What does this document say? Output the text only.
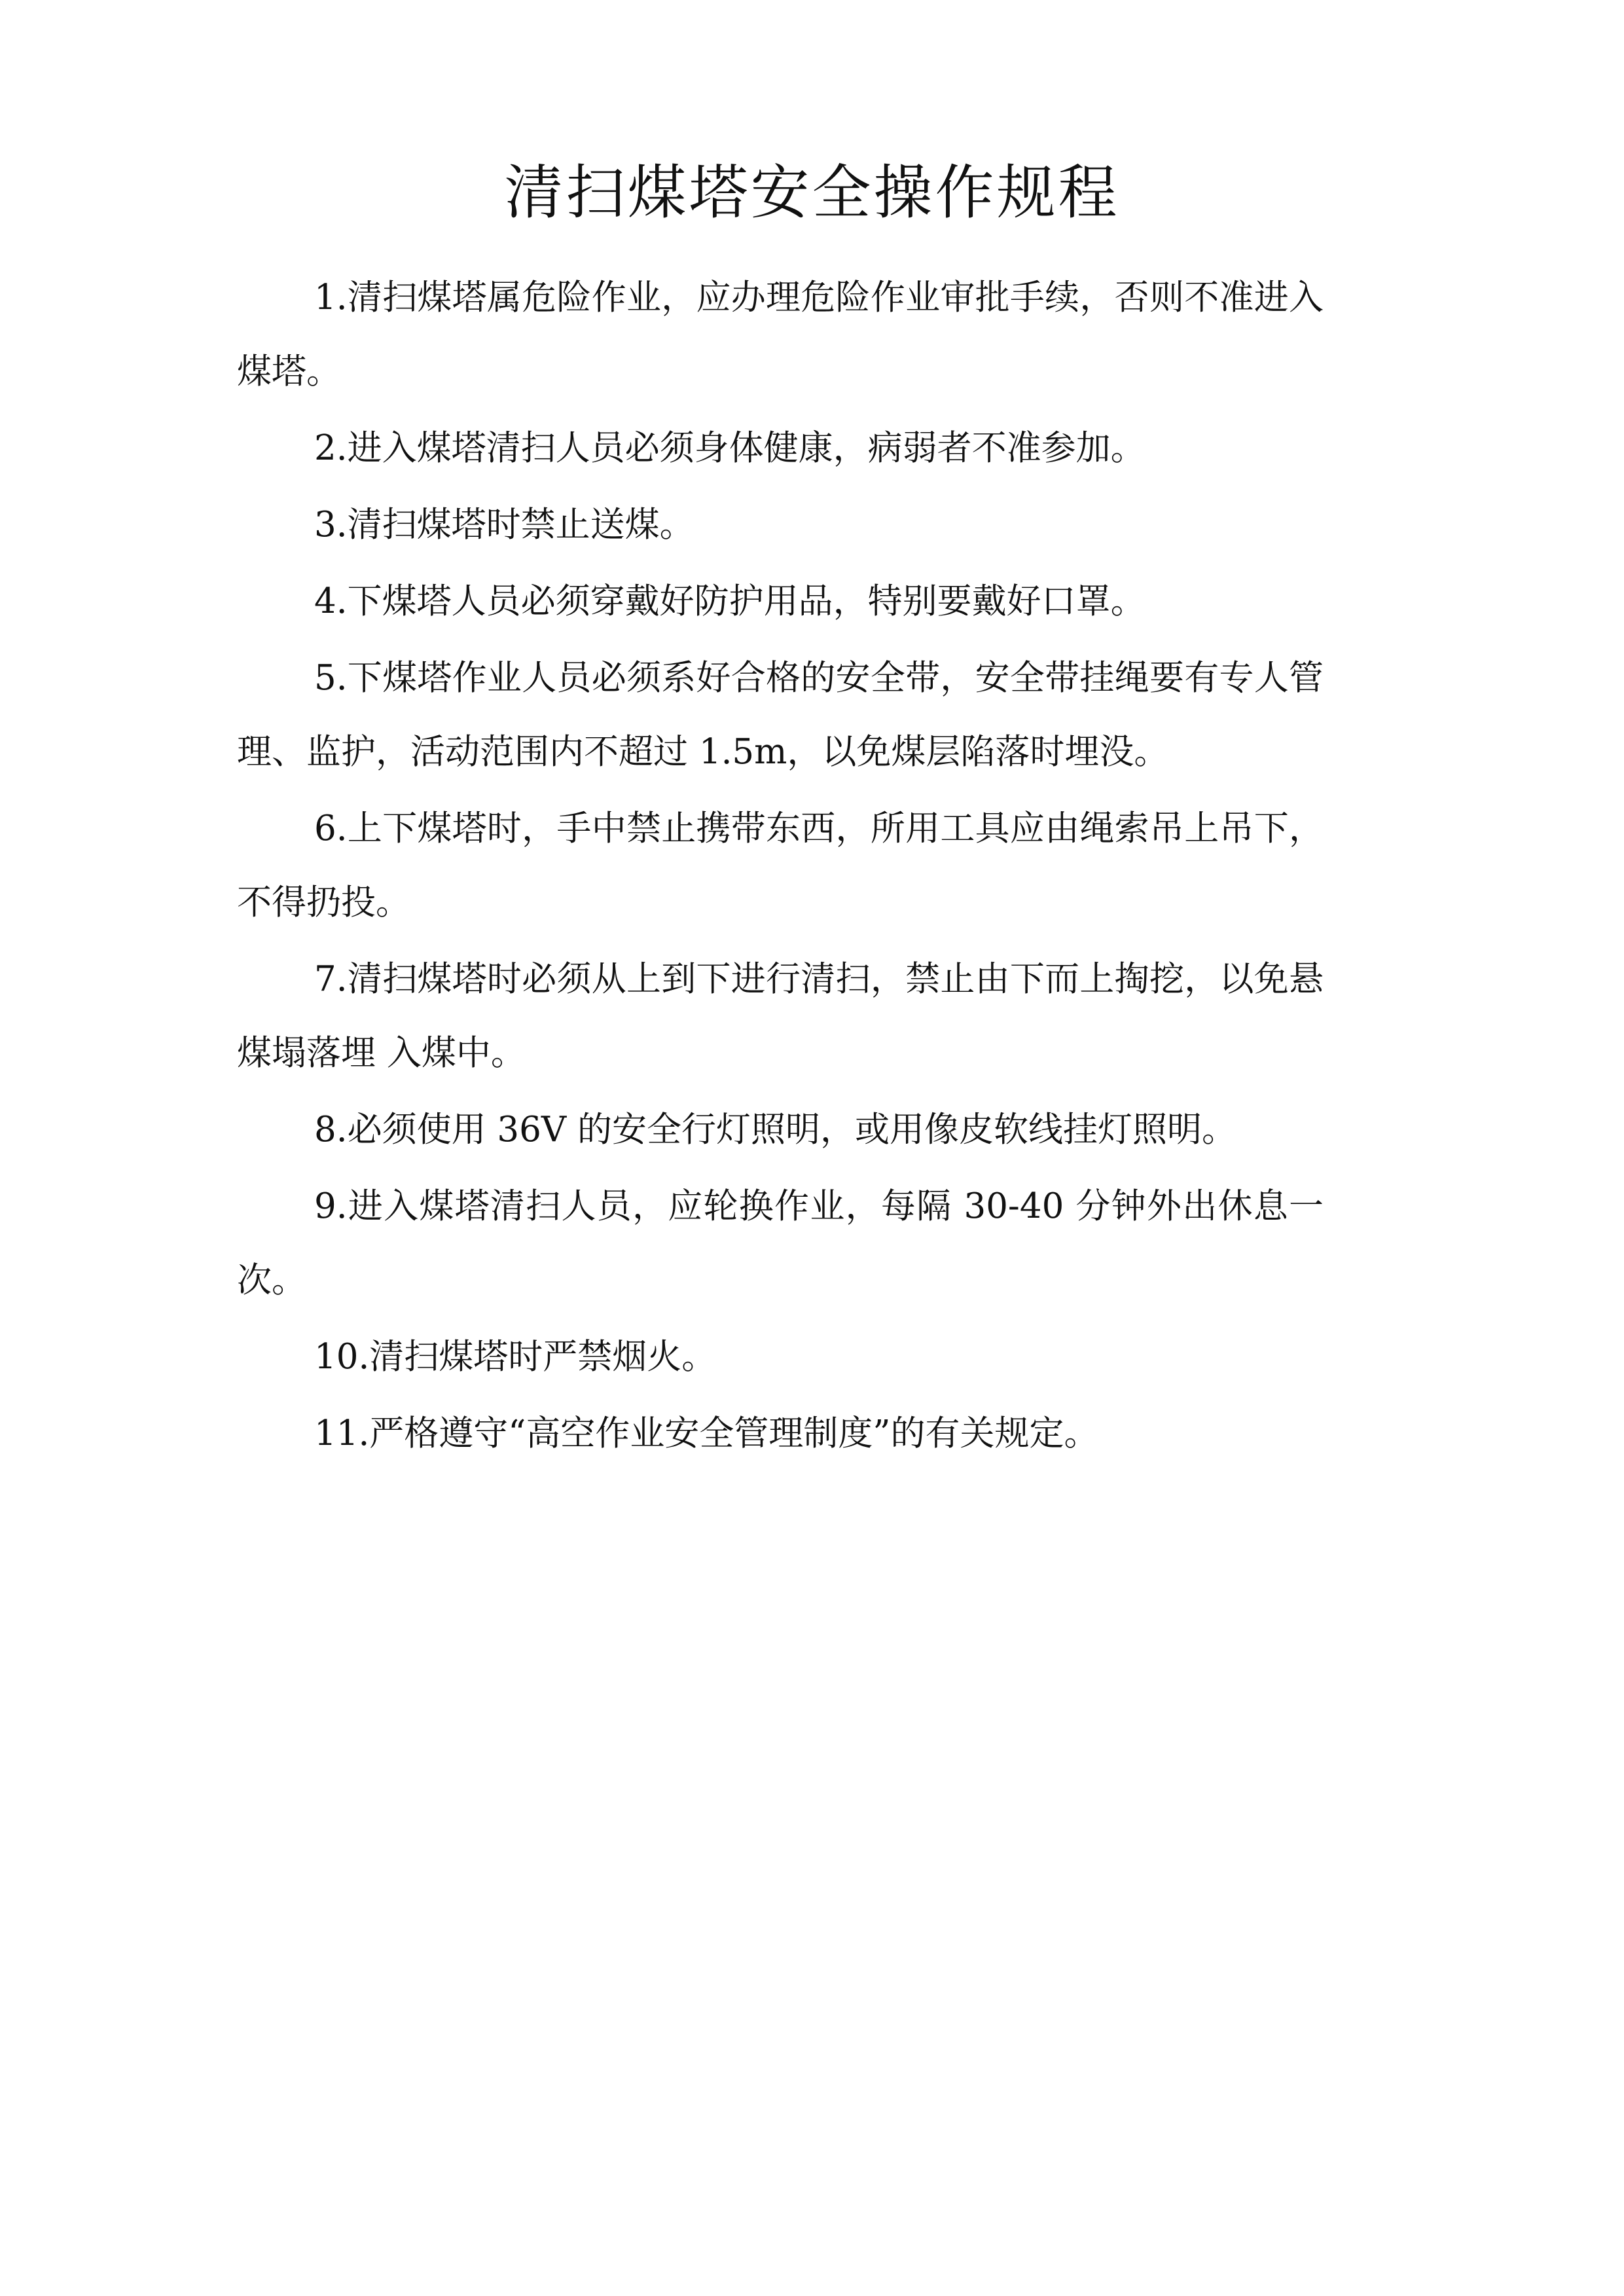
清扫煤塔安全操作规程
1.清扫煤塔属危险作业，应办理危险作业审批手续，否则不准进入煤塔。
2.进入煤塔清扫人员必须身体健康，病弱者不准参加。
3.清扫煤塔时禁止送煤。
4.下煤塔人员必须穿戴好防护用品，特别要戴好口罩。
5.下煤塔作业人员必须系好合格的安全带，安全带挂绳要有专人管理、监护，活动范围内不超过 1.5m，以免煤层陷落时埋没。
6.上下煤塔时，手中禁止携带东西，所用工具应由绳索吊上吊下，不得扔投。
7.清扫煤塔时必须从上到下进行清扫，禁止由下而上掏挖，以免悬煤塌落埋 入煤中。
8.必须使用 36V 的安全行灯照明，或用像皮软线挂灯照明。
9.进入煤塔清扫人员，应轮换作业，每隔 30-40 分钟外出休息一次。
10.清扫煤塔时严禁烟火。
11.严格遵守“高空作业安全管理制度”的有关规定。
